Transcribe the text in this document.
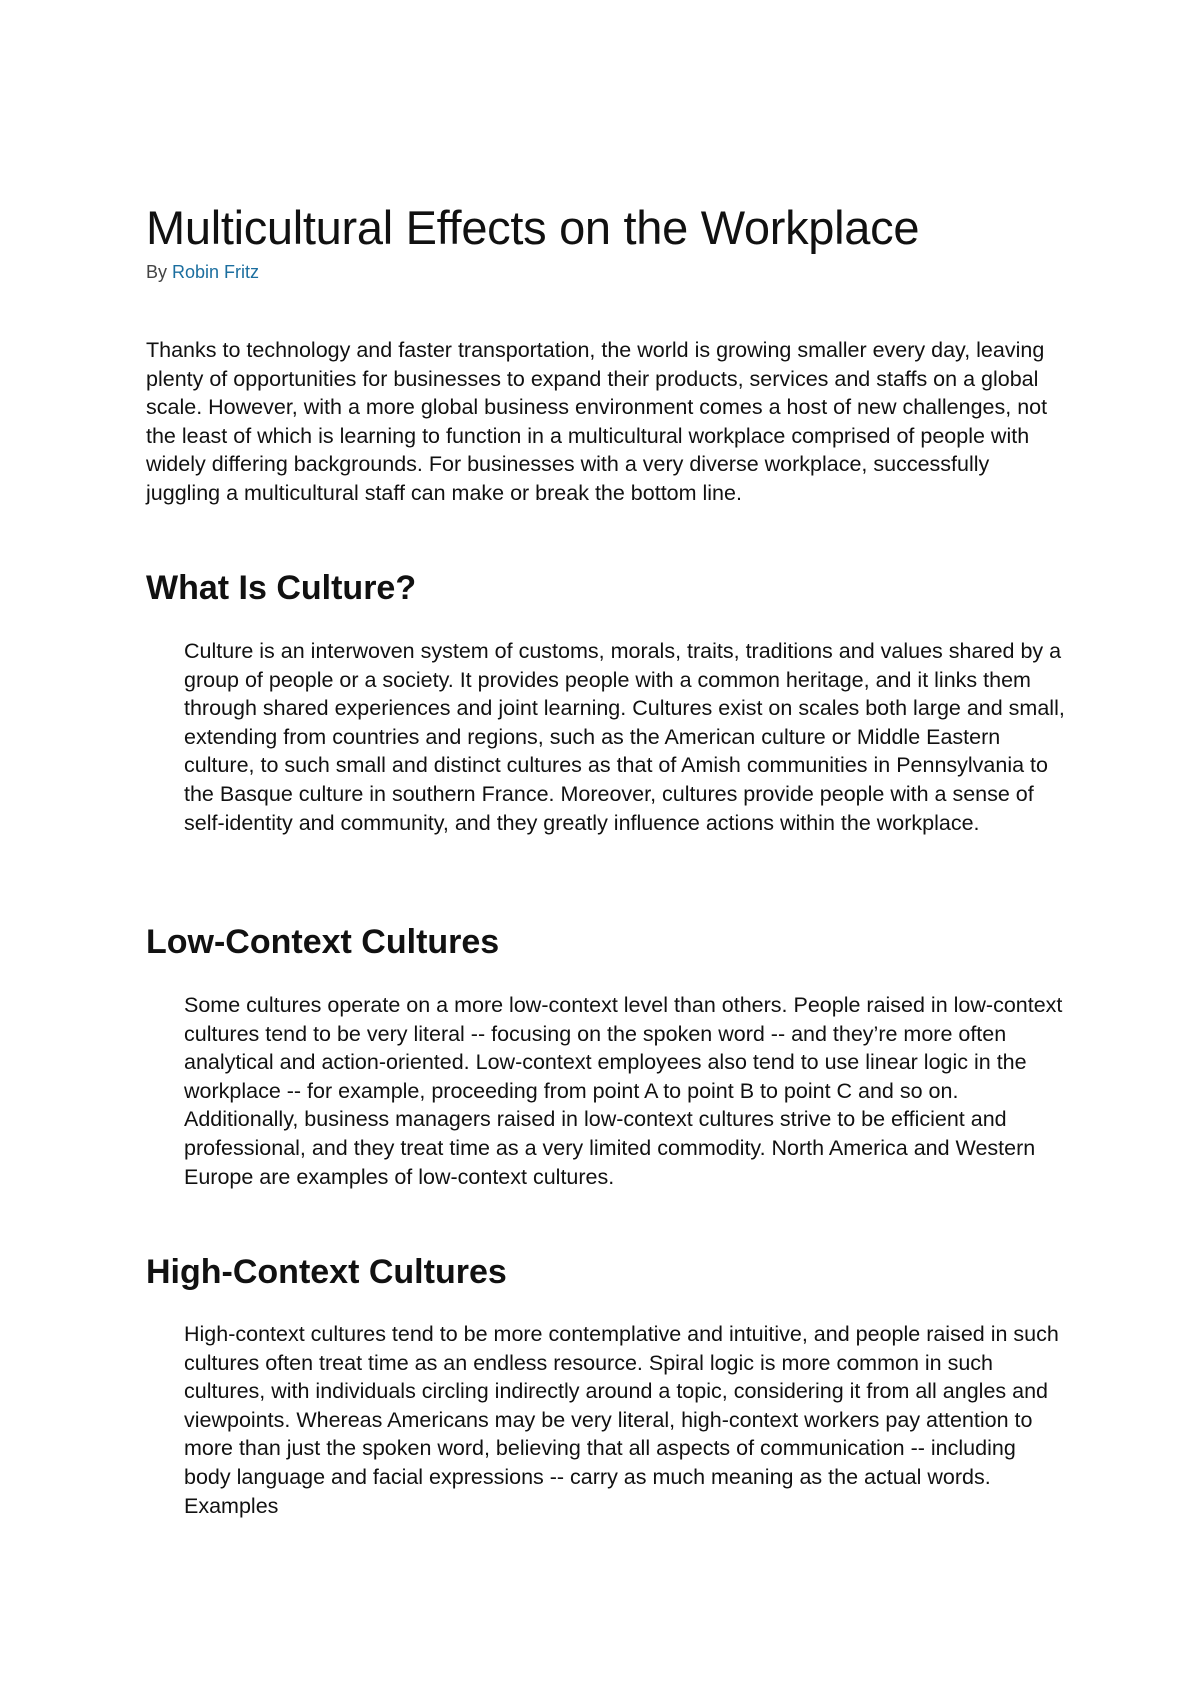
Multicultural Effects on the Workplace

By Robin Fritz

Thanks to technology and faster transportation, the world is growing smaller every day, leaving plenty of opportunities for businesses to expand their products, services and staffs on a global scale. However, with a more global business environment comes a host of new challenges, not the least of which is learning to function in a multicultural workplace comprised of people with widely differing backgrounds. For businesses with a very diverse workplace, successfully juggling a multicultural staff can make or break the bottom line.

What Is Culture?

Culture is an interwoven system of customs, morals, traits, traditions and values shared by a group of people or a society. It provides people with a common heritage, and it links them through shared experiences and joint learning. Cultures exist on scales both large and small, extending from countries and regions, such as the American culture or Middle Eastern culture, to such small and distinct cultures as that of Amish communities in Pennsylvania to the Basque culture in southern France. Moreover, cultures provide people with a sense of self-identity and community, and they greatly influence actions within the workplace.

Low-Context Cultures

Some cultures operate on a more low-context level than others. People raised in low-context cultures tend to be very literal -- focusing on the spoken word -- and they’re more often analytical and action-oriented. Low-context employees also tend to use linear logic in the workplace -- for example, proceeding from point A to point B to point C and so on. Additionally, business managers raised in low-context cultures strive to be efficient and professional, and they treat time as a very limited commodity. North America and Western Europe are examples of low-context cultures.

High-Context Cultures

High-context cultures tend to be more contemplative and intuitive, and people raised in such cultures often treat time as an endless resource. Spiral logic is more common in such cultures, with individuals circling indirectly around a topic, considering it from all angles and viewpoints. Whereas Americans may be very literal, high-context workers pay attention to more than just the spoken word, believing that all aspects of communication -- including body language and facial expressions -- carry as much meaning as the actual words. Examples
